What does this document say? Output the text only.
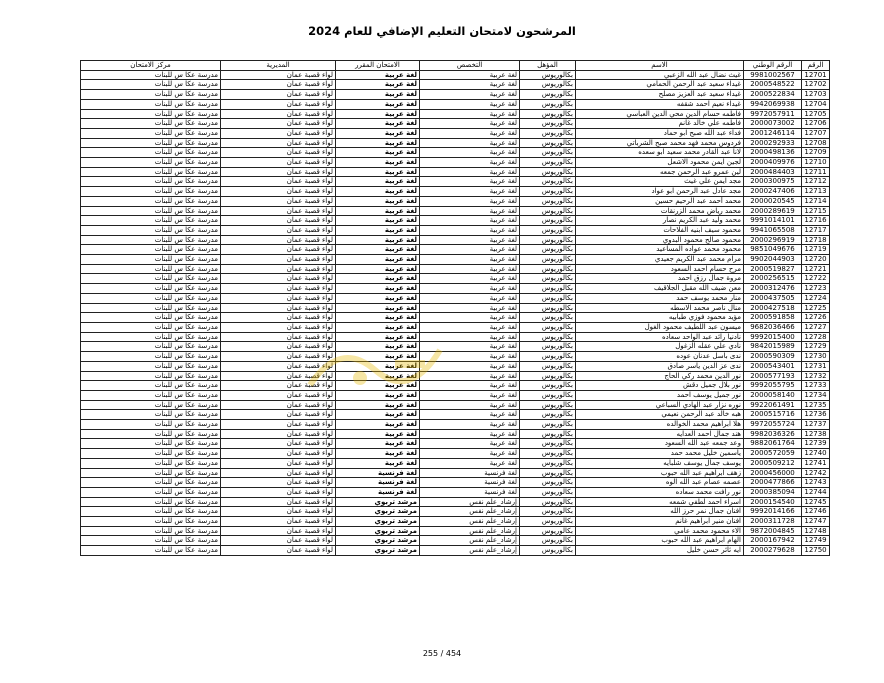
المرشحون لامتحان التعليم الإضافي للعام 2024
الرقم	الرقم الوطني	الاسم	المؤهل	التخصص	الامتحان المقرر	المديرية	مركز الامتحان
12701	9981002567	غيث نضال عبد الله الزعبي	بكالوريوس	لغة عربية	لغة عربية	لواء قصبة عمان	مدرسة عكا س للبنات
12702	2000548522	غيداء سعيد عبد الرحمن الحمامي	بكالوريوس	لغة عربية	لغة عربية	لواء قصبة عمان	مدرسة عكا س للبنات
12703	2000522834	غيداء سعيد عبد العزيز مصلح	بكالوريوس	لغة عربية	لغة عربية	لواء قصبة عمان	مدرسة عكا س للبنات
12704	9942069938	غيداء نعيم احمد شقفه	بكالوريوس	لغة عربية	لغة عربية	لواء قصبة عمان	مدرسة عكا س للبنات
12705	9972057911	فاطمه حسام الدين محي الدين العباسي	بكالوريوس	لغة عربية	لغة عربية	لواء قصبة عمان	مدرسة عكا س للبنات
12706	2000073002	فاطمه علي خالد غانم	بكالوريوس	لغة عربية	لغة عربية	لواء قصبة عمان	مدرسة عكا س للبنات
12707	2001246114	فداء عبد الله صبح ابو حماد	بكالوريوس	لغة عربية	لغة عربية	لواء قصبة عمان	مدرسة عكا س للبنات
12708	2000292933	فردوس محمد فهد محمد صبح الشرباتي	بكالوريوس	لغة عربية	لغة عربية	لواء قصبة عمان	مدرسة عكا س للبنات
12709	2000498136	لانا عبد القادر محمد سعيد ابو سعده	بكالوريوس	لغة عربية	لغة عربية	لواء قصبة عمان	مدرسة عكا س للبنات
12710	2000409976	لجين ايمن محمود الاشعل	بكالوريوس	لغة عربية	لغة عربية	لواء قصبة عمان	مدرسة عكا س للبنات
12711	2000484403	لين عمرو عبد الرحمن جمعه	بكالوريوس	لغة عربية	لغة عربية	لواء قصبة عمان	مدرسة عكا س للبنات
12712	2000300975	مجد ايمن علي غيث	بكالوريوس	لغة عربية	لغة عربية	لواء قصبة عمان	مدرسة عكا س للبنات
12713	2000247406	مجد عادل عبد الرحمن ابو عواد	بكالوريوس	لغة عربية	لغة عربية	لواء قصبة عمان	مدرسة عكا س للبنات
12714	2000020545	محمد أحمد عبد الرحيم حسين	بكالوريوس	لغة عربية	لغة عربية	لواء قصبة عمان	مدرسة عكا س للبنات
12715	2000289619	محمد رياض محمد الزرنقات	بكالوريوس	لغة عربية	لغة عربية	لواء قصبة عمان	مدرسة عكا س للبنات
12716	9991014101	محمد وليد عبد الكريم نصار	بكالوريوس	لغة عربية	لغة عربية	لواء قصبة عمان	مدرسة عكا س للبنات
12717	9941065508	محمود سيف ابنيه الفلاحات	بكالوريوس	لغة عربية	لغة عربية	لواء قصبة عمان	مدرسة عكا س للبنات
12718	2000296919	محمود صالح محمود البدوي	بكالوريوس	لغة عربية	لغة عربية	لواء قصبة عمان	مدرسة عكا س للبنات
12719	9851049676	محمود محمد عواده المساعيد	بكالوريوس	لغة عربية	لغة عربية	لواء قصبة عمان	مدرسة عكا س للبنات
12720	9902044903	مرام محمد عبد الكريم جعيدي	بكالوريوس	لغة عربية	لغة عربية	لواء قصبة عمان	مدرسة عكا س للبنات
12721	2000519827	مرح حسام احمد السعود	بكالوريوس	لغة عربية	لغة عربية	لواء قصبة عمان	مدرسة عكا س للبنات
12722	2000256515	مروة جمال رزق احمد	بكالوريوس	لغة عربية	لغة عربية	لواء قصبة عمان	مدرسة عكا س للبنات
12723	2000312476	معن ضيف الله مقبل الجلاقيف	بكالوريوس	لغة عربية	لغة عربية	لواء قصبة عمان	مدرسة عكا س للبنات
12724	2000437505	منار محمد يوسف حمد	بكالوريوس	لغة عربية	لغة عربية	لواء قصبة عمان	مدرسة عكا س للبنات
12725	2000427518	منال ناصر محمد الاسطه	بكالوريوس	لغة عربية	لغة عربية	لواء قصبة عمان	مدرسة عكا س للبنات
12726	2000591858	مؤيد محمود فوزي طبابيه	بكالوريوس	لغة عربية	لغة عربية	لواء قصبة عمان	مدرسة عكا س للبنات
12727	9682036466	ميسون عبد اللطيف محمود الغول	بكالوريوس	لغة عربية	لغة عربية	لواء قصبة عمان	مدرسة عكا س للبنات
12728	9992015400	نادنيا رائد عبد الواحد سعاده	بكالوريوس	لغة عربية	لغة عربية	لواء قصبة عمان	مدرسة عكا س للبنات
12729	9842015989	نادي علي عقله الزغول	بكالوريوس	لغة عربية	لغة عربية	لواء قصبة عمان	مدرسة عكا س للبنات
12730	2000590309	ندى باسل عدنان عوده	بكالوريوس	لغة عربية	لغة عربية	لواء قصبة عمان	مدرسة عكا س للبنات
12731	2000543401	ندى عز الدين ياسر صادق	بكالوريوس	لغة عربية	لغة عربية	لواء قصبة عمان	مدرسة عكا س للبنات
12732	2000577193	نور الدين محمد ركي الحاج	بكالوريوس	لغة عربية	لغة عربية	لواء قصبة عمان	مدرسة عكا س للبنات
12733	9992055795	نور بلال جميل دقش	بكالوريوس	لغة عربية	لغة عربية	لواء قصبة عمان	مدرسة عكا س للبنات
12734	2000058140	نور جميل يوسف احمد	بكالوريوس	لغة عربية	لغة عربية	لواء قصبة عمان	مدرسة عكا س للبنات
12735	9922061491	نوره نزار عبد الهادي السباعي	بكالوريوس	لغة عربية	لغة عربية	لواء قصبة عمان	مدرسة عكا س للبنات
12736	2000515716	هبه خالد عبد الرحمن نعيمي	بكالوريوس	لغة عربية	لغة عربية	لواء قصبة عمان	مدرسة عكا س للبنات
12737	9972055724	هلا ابراهيم محمد الخوالده	بكالوريوس	لغة عربية	لغة عربية	لواء قصبة عمان	مدرسة عكا س للبنات
12738	9982036326	هند جمال احمد العدايه	بكالوريوس	لغة عربية	لغة عربية	لواء قصبة عمان	مدرسة عكا س للبنات
12739	9882061764	وعد جمعه عبد الله السعود	بكالوريوس	لغة عربية	لغة عربية	لواء قصبة عمان	مدرسة عكا س للبنات
12740	2000572059	ياسمين خليل محمد حمد	بكالوريوس	لغة عربية	لغة عربية	لواء قصبة عمان	مدرسة عكا س للبنات
12741	2000509212	يوسف جمال يوسف شلبايه	بكالوريوس	لغة عربية	لغة عربية	لواء قصبة عمان	مدرسة عكا س للبنات
12742	2000456000	زهف ابراهيم عبد الله حبوب	بكالوريوس	لغة فرنسية	لغة فرنسية	لواء قصبة عمان	مدرسة عكا س للبنات
12743	2000477866	عصمه عصام عبد الله الوه	بكالوريوس	لغة فرنسية	لغة فرنسية	لواء قصبة عمان	مدرسة عكا س للبنات
12744	2000385094	نور رافت محمد سعاده	بكالوريوس	لغة فرنسية	لغة فرنسية	لواء قصبة عمان	مدرسة عكا س للبنات
12745	2000154540	اسراء احمد لطفي شمعه	بكالوريوس	إرشاد_علم نفس	مرشد تربوي	لواء قصبة عمان	مدرسة عكا س للبنات
12746	9992014166	افنان جمال نمر حرز الله	بكالوريوس	إرشاد_علم نفس	مرشد تربوي	لواء قصبة عمان	مدرسة عكا س للبنات
12747	2000311728	افنان منير ابراهيم غانم	بكالوريوس	إرشاد_علم نفس	مرشد تربوي	لواء قصبة عمان	مدرسة عكا س للبنات
12748	9872004845	الاء محمود محمد عامي	بكالوريوس	إرشاد_علم نفس	مرشد تربوي	لواء قصبة عمان	مدرسة عكا س للبنات
12749	2000167942	الهام ابراهيم عبد الله حبوب	بكالوريوس	إرشاد_علم نفس	مرشد تربوي	لواء قصبة عمان	مدرسة عكا س للبنات
12750	2000279628	ايه ثائر حسن خليل	بكالوريوس	إرشاد_علم نفس	مرشد تربوي	لواء قصبة عمان	مدرسة عكا س للبنات
255 / 454
